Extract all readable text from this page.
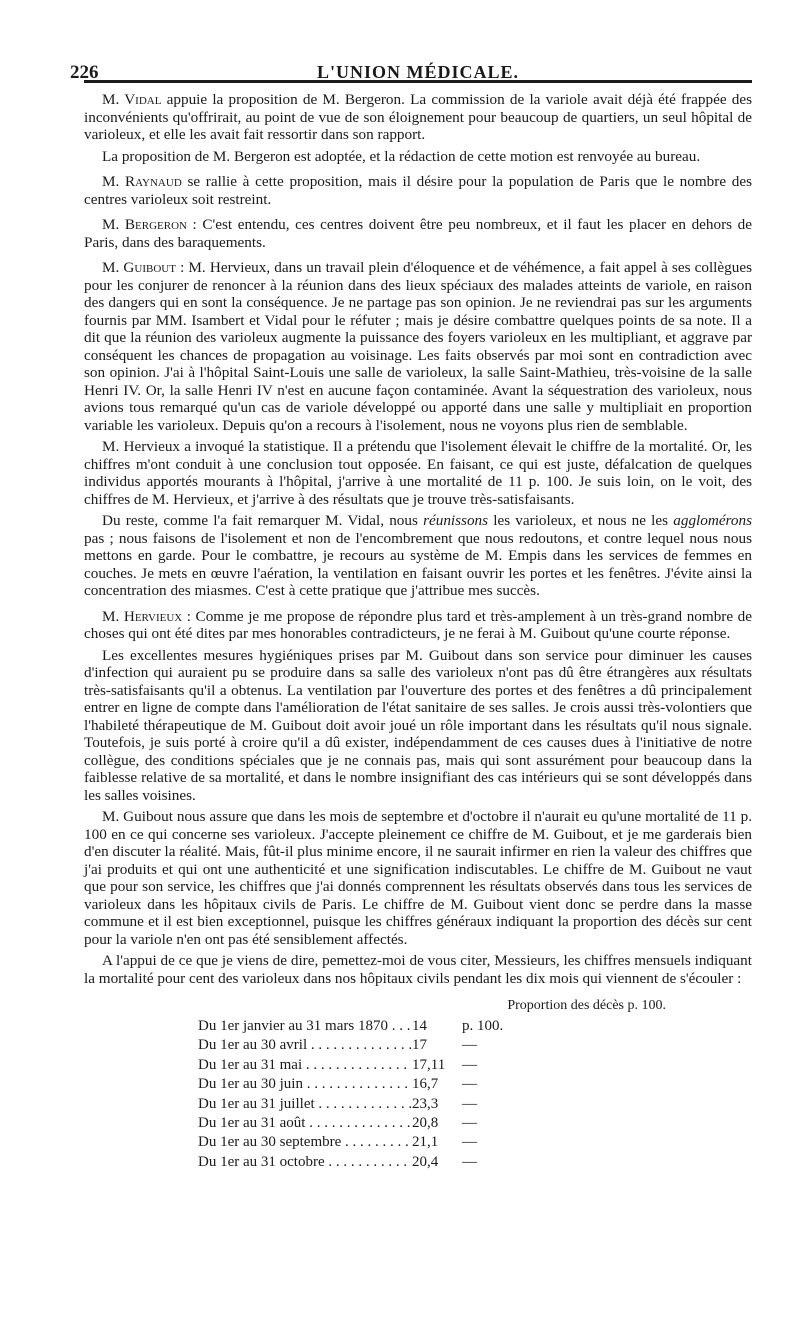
226	L'UNION MÉDICALE.

M. Vidal appuie la proposition de M. Bergeron. La commission de la variole avait déjà été frappée des inconvénients qu'offrirait, au point de vue de son éloignement pour beaucoup de quartiers, un seul hôpital de varioleux, et elle les avait fait ressortir dans son rapport.

La proposition de M. Bergeron est adoptée, et la rédaction de cette motion est renvoyée au bureau.

M. Raynaud se rallie à cette proposition, mais il désire pour la population de Paris que le nombre des centres varioleux soit restreint.

M. Bergeron : C'est entendu, ces centres doivent être peu nombreux, et il faut les placer en dehors de Paris, dans des baraquements.

M. Guibout : M. Hervieux, dans un travail plein d'éloquence et de véhémence, a fait appel à ses collègues pour les conjurer de renoncer à la réunion dans des lieux spéciaux des malades atteints de variole, en raison des dangers qui en sont la conséquence. Je ne partage pas son opinion. Je ne reviendrai pas sur les arguments fournis par MM. Isambert et Vidal pour le réfuter ; mais je désire combattre quelques points de sa note. Il a dit que la réunion des varioleux augmente la puissance des foyers varioleux en les multipliant, et aggrave par conséquent les chances de propagation au voisinage. Les faits observés par moi sont en contradiction avec son opinion. J'ai à l'hôpital Saint-Louis une salle de varioleux, la salle Saint-Mathieu, très-voisine de la salle Henri IV. Or, la salle Henri IV n'est en aucune façon contaminée. Avant la séquestration des varioleux, nous avions tous remarqué qu'un cas de variole développé ou apporté dans une salle y multipliait en proportion variable les varioleux. Depuis qu'on a recours à l'isolement, nous ne voyons plus rien de semblable.

M. Hervieux a invoqué la statistique. Il a prétendu que l'isolement élevait le chiffre de la mortalité. Or, les chiffres m'ont conduit à une conclusion tout opposée. En faisant, ce qui est juste, défalcation de quelques individus apportés mourants à l'hôpital, j'arrive à une mortalité de 11 p. 100. Je suis loin, on le voit, des chiffres de M. Hervieux, et j'arrive à des résultats que je trouve très-satisfaisants.

Du reste, comme l'a fait remarquer M. Vidal, nous réunissons les varioleux, et nous ne les agglomérons pas ; nous faisons de l'isolement et non de l'encombrement que nous redoutons, et contre lequel nous nous mettons en garde. Pour le combattre, je recours au système de M. Empis dans les services de femmes en couches. Je mets en œuvre l'aération, la ventilation en faisant ouvrir les portes et les fenêtres. J'évite ainsi la concentration des miasmes. C'est à cette pratique que j'attribue mes succès.

M. Hervieux : Comme je me propose de répondre plus tard et très-amplement à un très-grand nombre de choses qui ont été dites par mes honorables contradicteurs, je ne ferai à M. Guibout qu'une courte réponse.

Les excellentes mesures hygiéniques prises par M. Guibout dans son service pour diminuer les causes d'infection qui auraient pu se produire dans sa salle des varioleux n'ont pas dû être étrangères aux résultats très-satisfaisants qu'il a obtenus. La ventilation par l'ouverture des portes et des fenêtres a dû principalement entrer en ligne de compte dans l'amélioration de l'état sanitaire de ses salles. Je crois aussi très-volontiers que l'habileté thérapeutique de M. Guibout doit avoir joué un rôle important dans les résultats qu'il nous signale. Toutefois, je suis porté à croire qu'il a dû exister, indépendamment de ces causes dues à l'initiative de notre collègue, des conditions spéciales que je ne connais pas, mais qui sont assurément pour beaucoup dans la faiblesse relative de sa mortalité, et dans le nombre insignifiant des cas intérieurs qui se sont développés dans les salles voisines.

M. Guibout nous assure que dans les mois de septembre et d'octobre il n'aurait eu qu'une mortalité de 11 p. 100 en ce qui concerne ses varioleux. J'accepte pleinement ce chiffre de M. Guibout, et je me garderais bien d'en discuter la réalité. Mais, fût-il plus minime encore, il ne saurait infirmer en rien la valeur des chiffres que j'ai produits et qui ont une authenticité et une signification indiscutables. Le chiffre de M. Guibout ne vaut que pour son service, les chiffres que j'ai donnés comprennent les résultats observés dans tous les services de varioleux dans les hôpitaux civils de Paris. Le chiffre de M. Guibout vient donc se perdre dans la masse commune et il est bien exceptionnel, puisque les chiffres généraux indiquant la proportion des décès sur cent pour la variole n'en ont pas été sensiblement affectés.

A l'appui de ce que je viens de dire, pemettez-moi de vous citer, Messieurs, les chiffres mensuels indiquant la mortalité pour cent des varioleux dans nos hôpitaux civils pendant les dix mois qui viennent de s'écouler :

Proportion des décès p. 100.
Du 1er janvier au 31 mars 1870 . . .	14	p. 100.
Du 1er au 30 avril . . .	17	—
Du 1er au 31 mai . . .	17,11	—
Du 1er au 30 juin . . .	16,7	—
Du 1er au 31 juillet . . .	23,3	—
Du 1er au 31 août . . .	20,8	—
Du 1er au 30 septembre . . .	21,1	—
Du 1er au 31 octobre . . .	20,4	—
